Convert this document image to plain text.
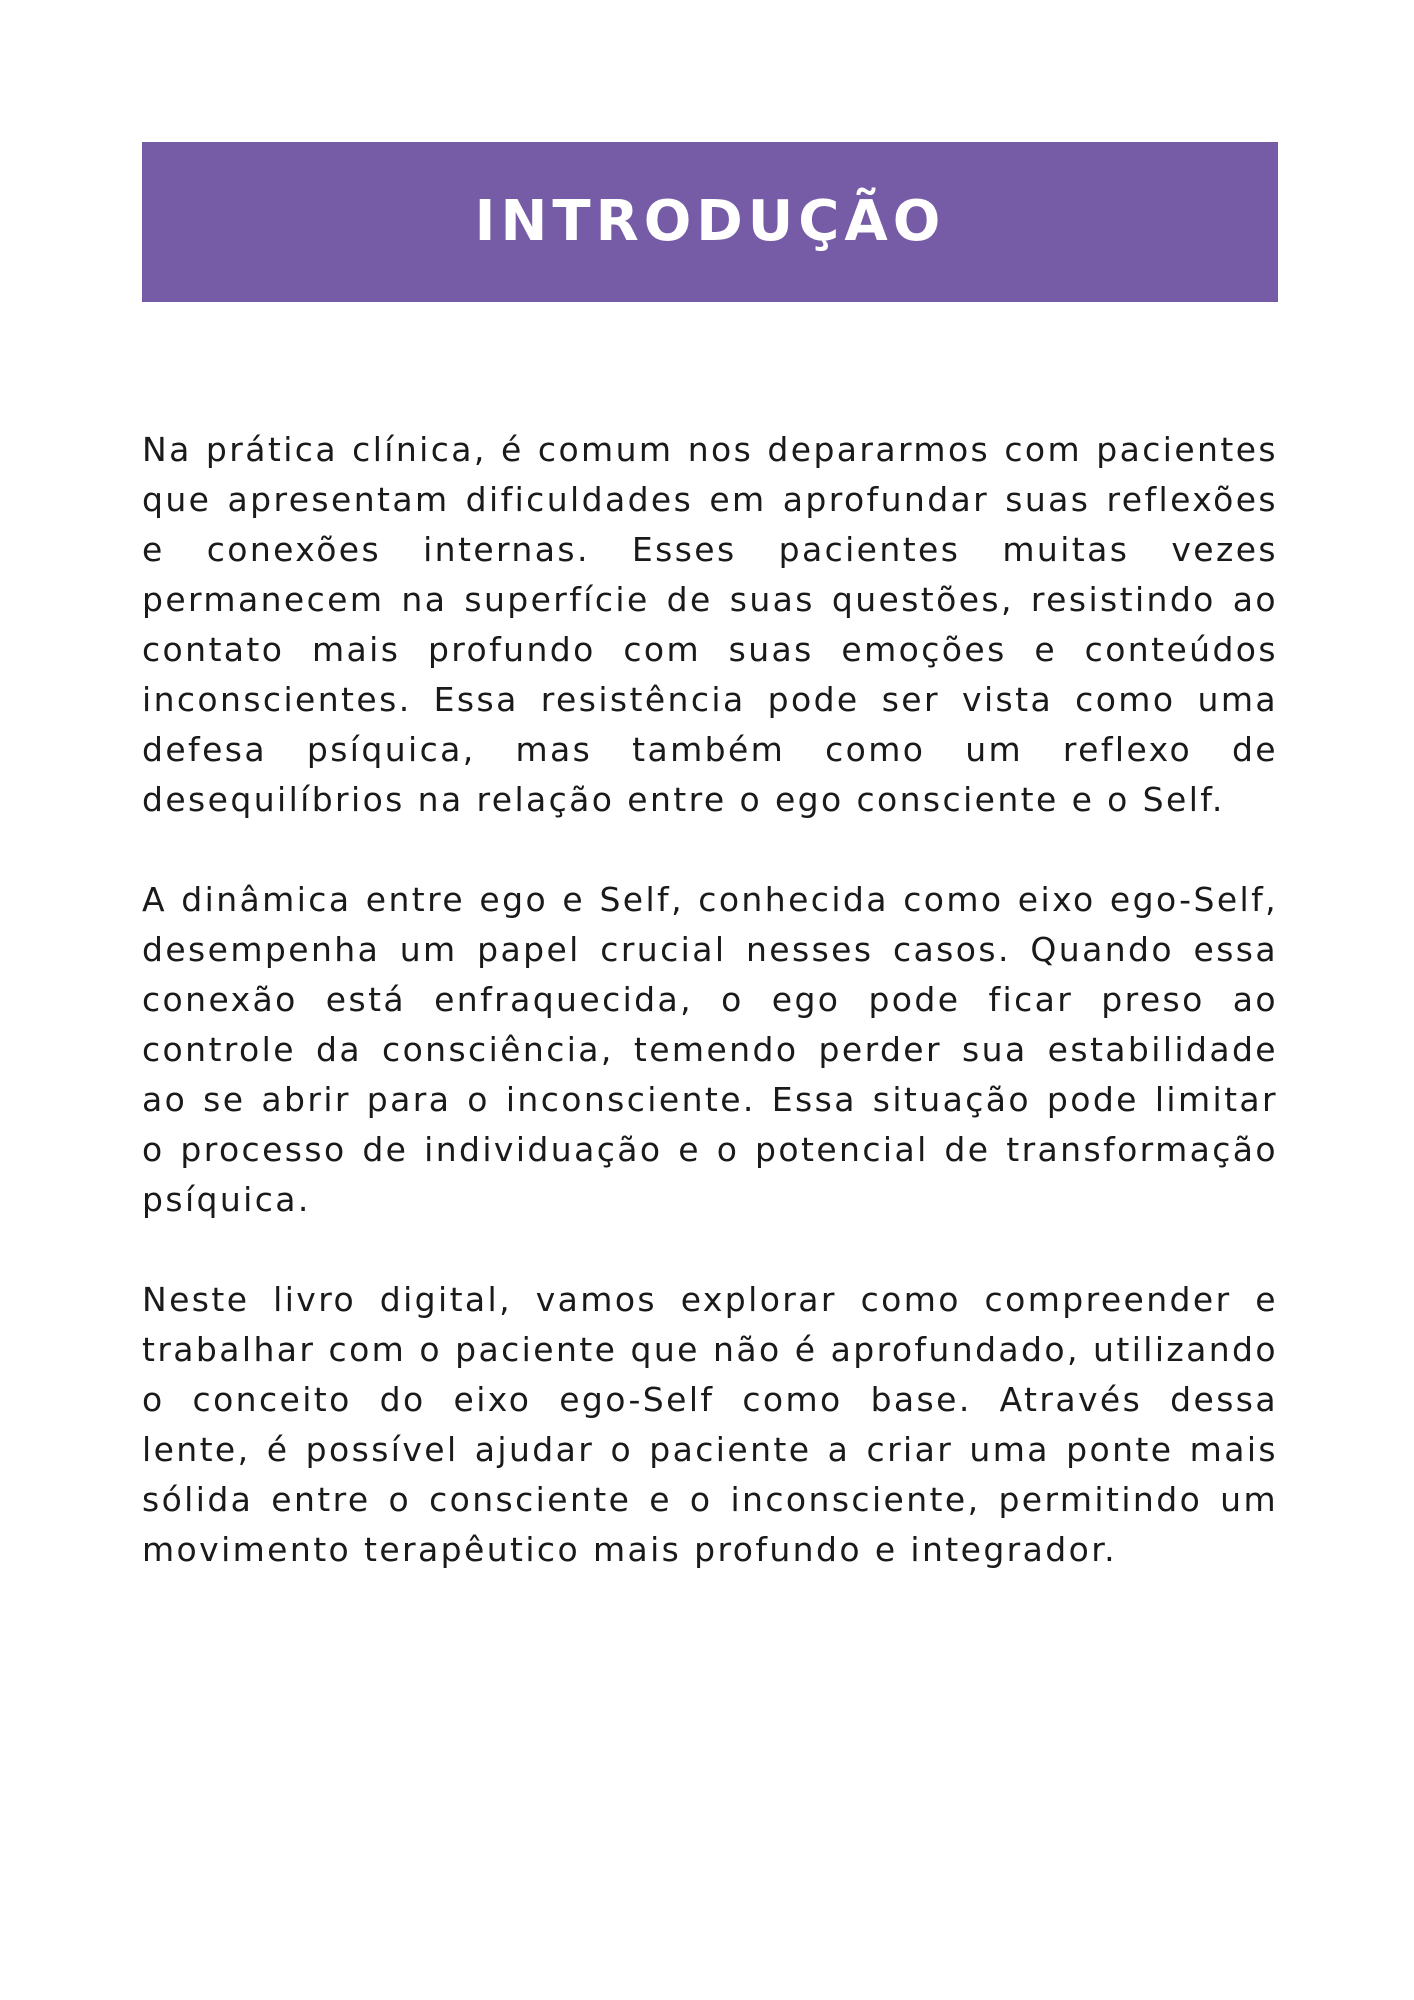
INTRODUÇÃO

Na prática clínica, é comum nos depararmos com pacientes que apresentam dificuldades em aprofundar suas reflexões e conexões internas. Esses pacientes muitas vezes permanecem na superfície de suas questões, resistindo ao contato mais profundo com suas emoções e conteúdos inconscientes. Essa resistência pode ser vista como uma defesa psíquica, mas também como um reflexo de desequilíbrios na relação entre o ego consciente e o Self.

A dinâmica entre ego e Self, conhecida como eixo ego-Self, desempenha um papel crucial nesses casos. Quando essa conexão está enfraquecida, o ego pode ficar preso ao controle da consciência, temendo perder sua estabilidade ao se abrir para o inconsciente. Essa situação pode limitar o processo de individuação e o potencial de transformação psíquica.

Neste livro digital, vamos explorar como compreender e trabalhar com o paciente que não é aprofundado, utilizando o conceito do eixo ego-Self como base. Através dessa lente, é possível ajudar o paciente a criar uma ponte mais sólida entre o consciente e o inconsciente, permitindo um movimento terapêutico mais profundo e integrador.
